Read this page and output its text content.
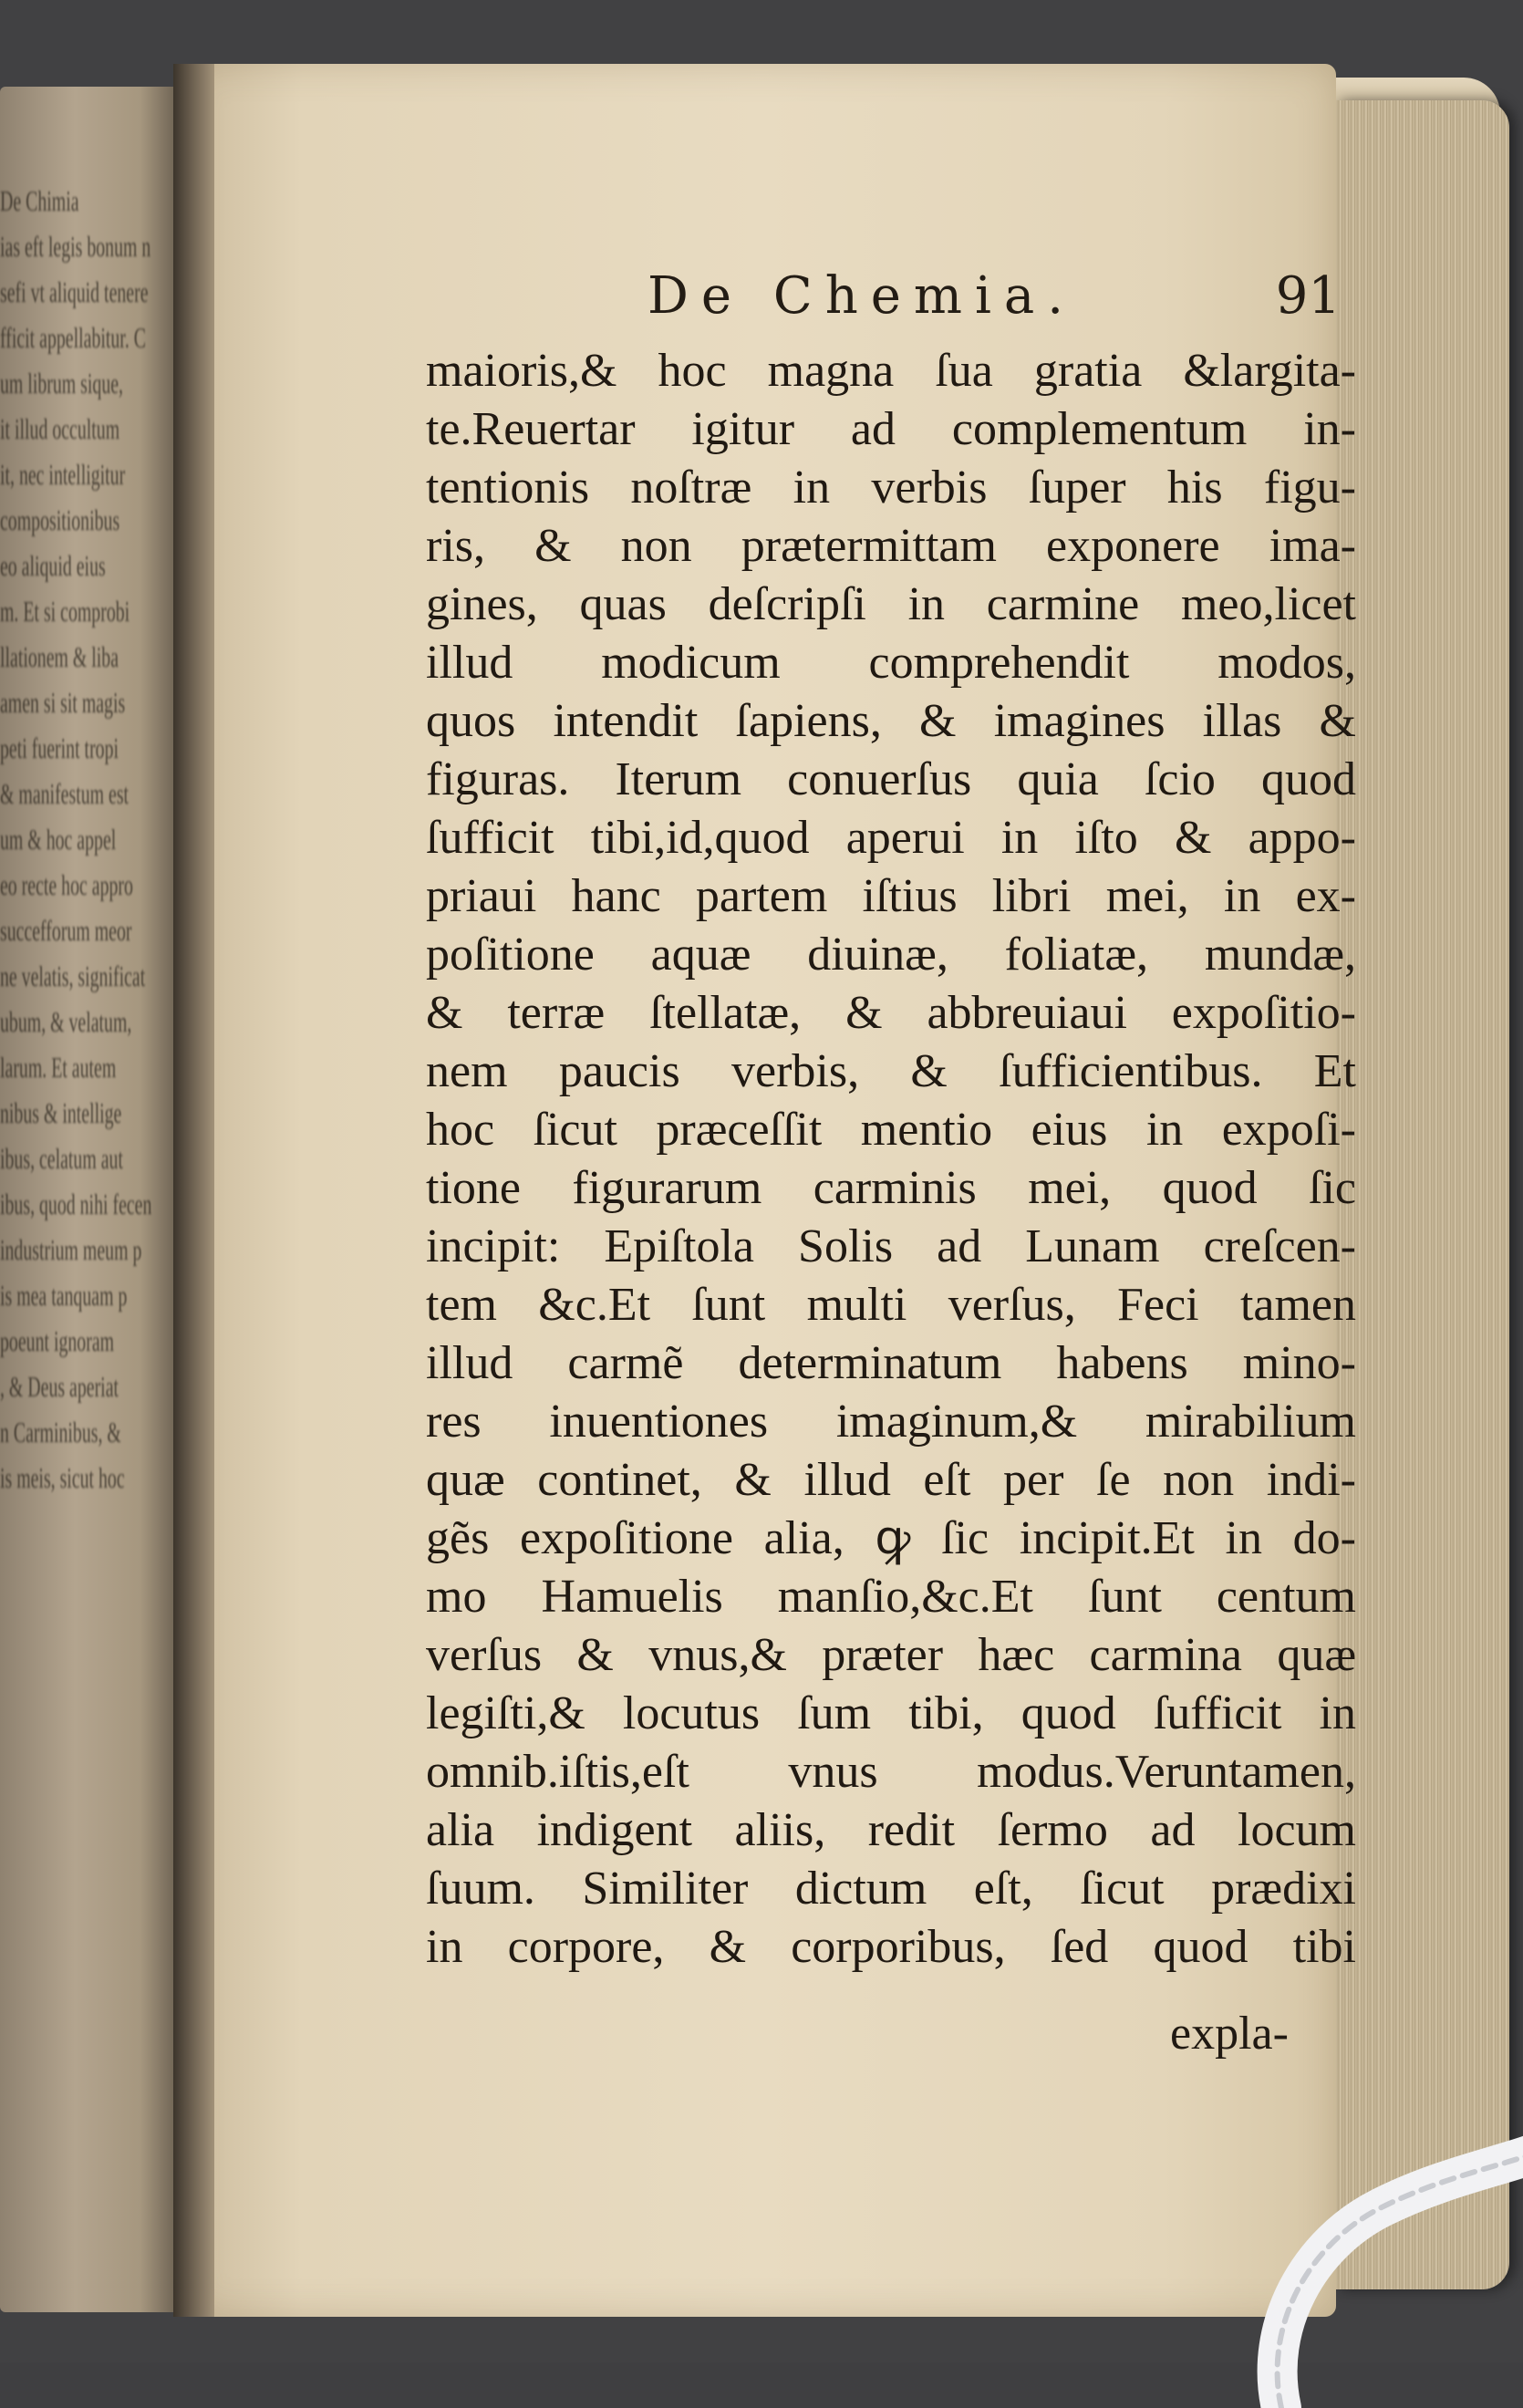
De Chimia
ias eft legis bonum n
sefi vt aliquid tenere
fficit appellabitur. C
um librum sique,
it illud occultum
it, nec intelligitur
compositionibus
eo aliquid eius
m. Et si comprobi
llationem & liba
amen si sit magis
peti fuerint tropi
& manifestum est
um & hoc appel
eo recte hoc appro
succefforum meor
ne velatis, significat
ubum, & velatum,
larum. Et autem
nibus & intellige
ibus, celatum aut
ibus, quod nihi fecen
industrium meum p
is mea tanquam p
poeunt ignoram
, & Deus aperiat
n Carminibus, &
is meis, sicut hoc
De Chemia.	91
maioris,& hoc magna ſua gratia &largita-
te.Reuertar igitur ad complementum in-
tentionis noſtræ in verbis ſuper his figu-
ris, & non prætermittam exponere ima-
gines, quas deſcripſi in carmine meo,licet
illud modicum comprehendit modos,
quos intendit ſapiens, & imagines illas &
figuras. Iterum conuerſus quia ſcio quod
ſufficit tibi,id,quod aperui in iſto & appo-
priaui hanc partem iſtius libri mei, in ex-
poſitione aquæ diuinæ, foliatæ, mundæ,
& terræ ſtellatæ, & abbreuiaui expoſitio-
nem paucis verbis, & ſufficientibus. Et
hoc ſicut præceſſit mentio eius in expoſi-
tione figurarum carminis mei, quod ſic
incipit: Epiſtola Solis ad Lunam creſcen-
tem &c.Et ſunt multi verſus, Feci tamen
illud carmẽ determinatum habens mino-
res inuentiones imaginum,& mirabilium
quæ continet, & illud eſt per ſe non indi-
gẽs expoſitione alia, ꝙ ſic incipit.Et in do-
mo Hamuelis manſio,&c.Et ſunt centum
verſus & vnus,& præter hæc carmina quæ
legiſti,& locutus ſum tibi, quod ſufficit in
omnib.iſtis,eſt vnus modus.Veruntamen,
alia indigent aliis, redit ſermo ad locum
ſuum. Similiter dictum eſt, ſicut prædixi
in corpore, & corporibus, ſed quod tibi
expla-
